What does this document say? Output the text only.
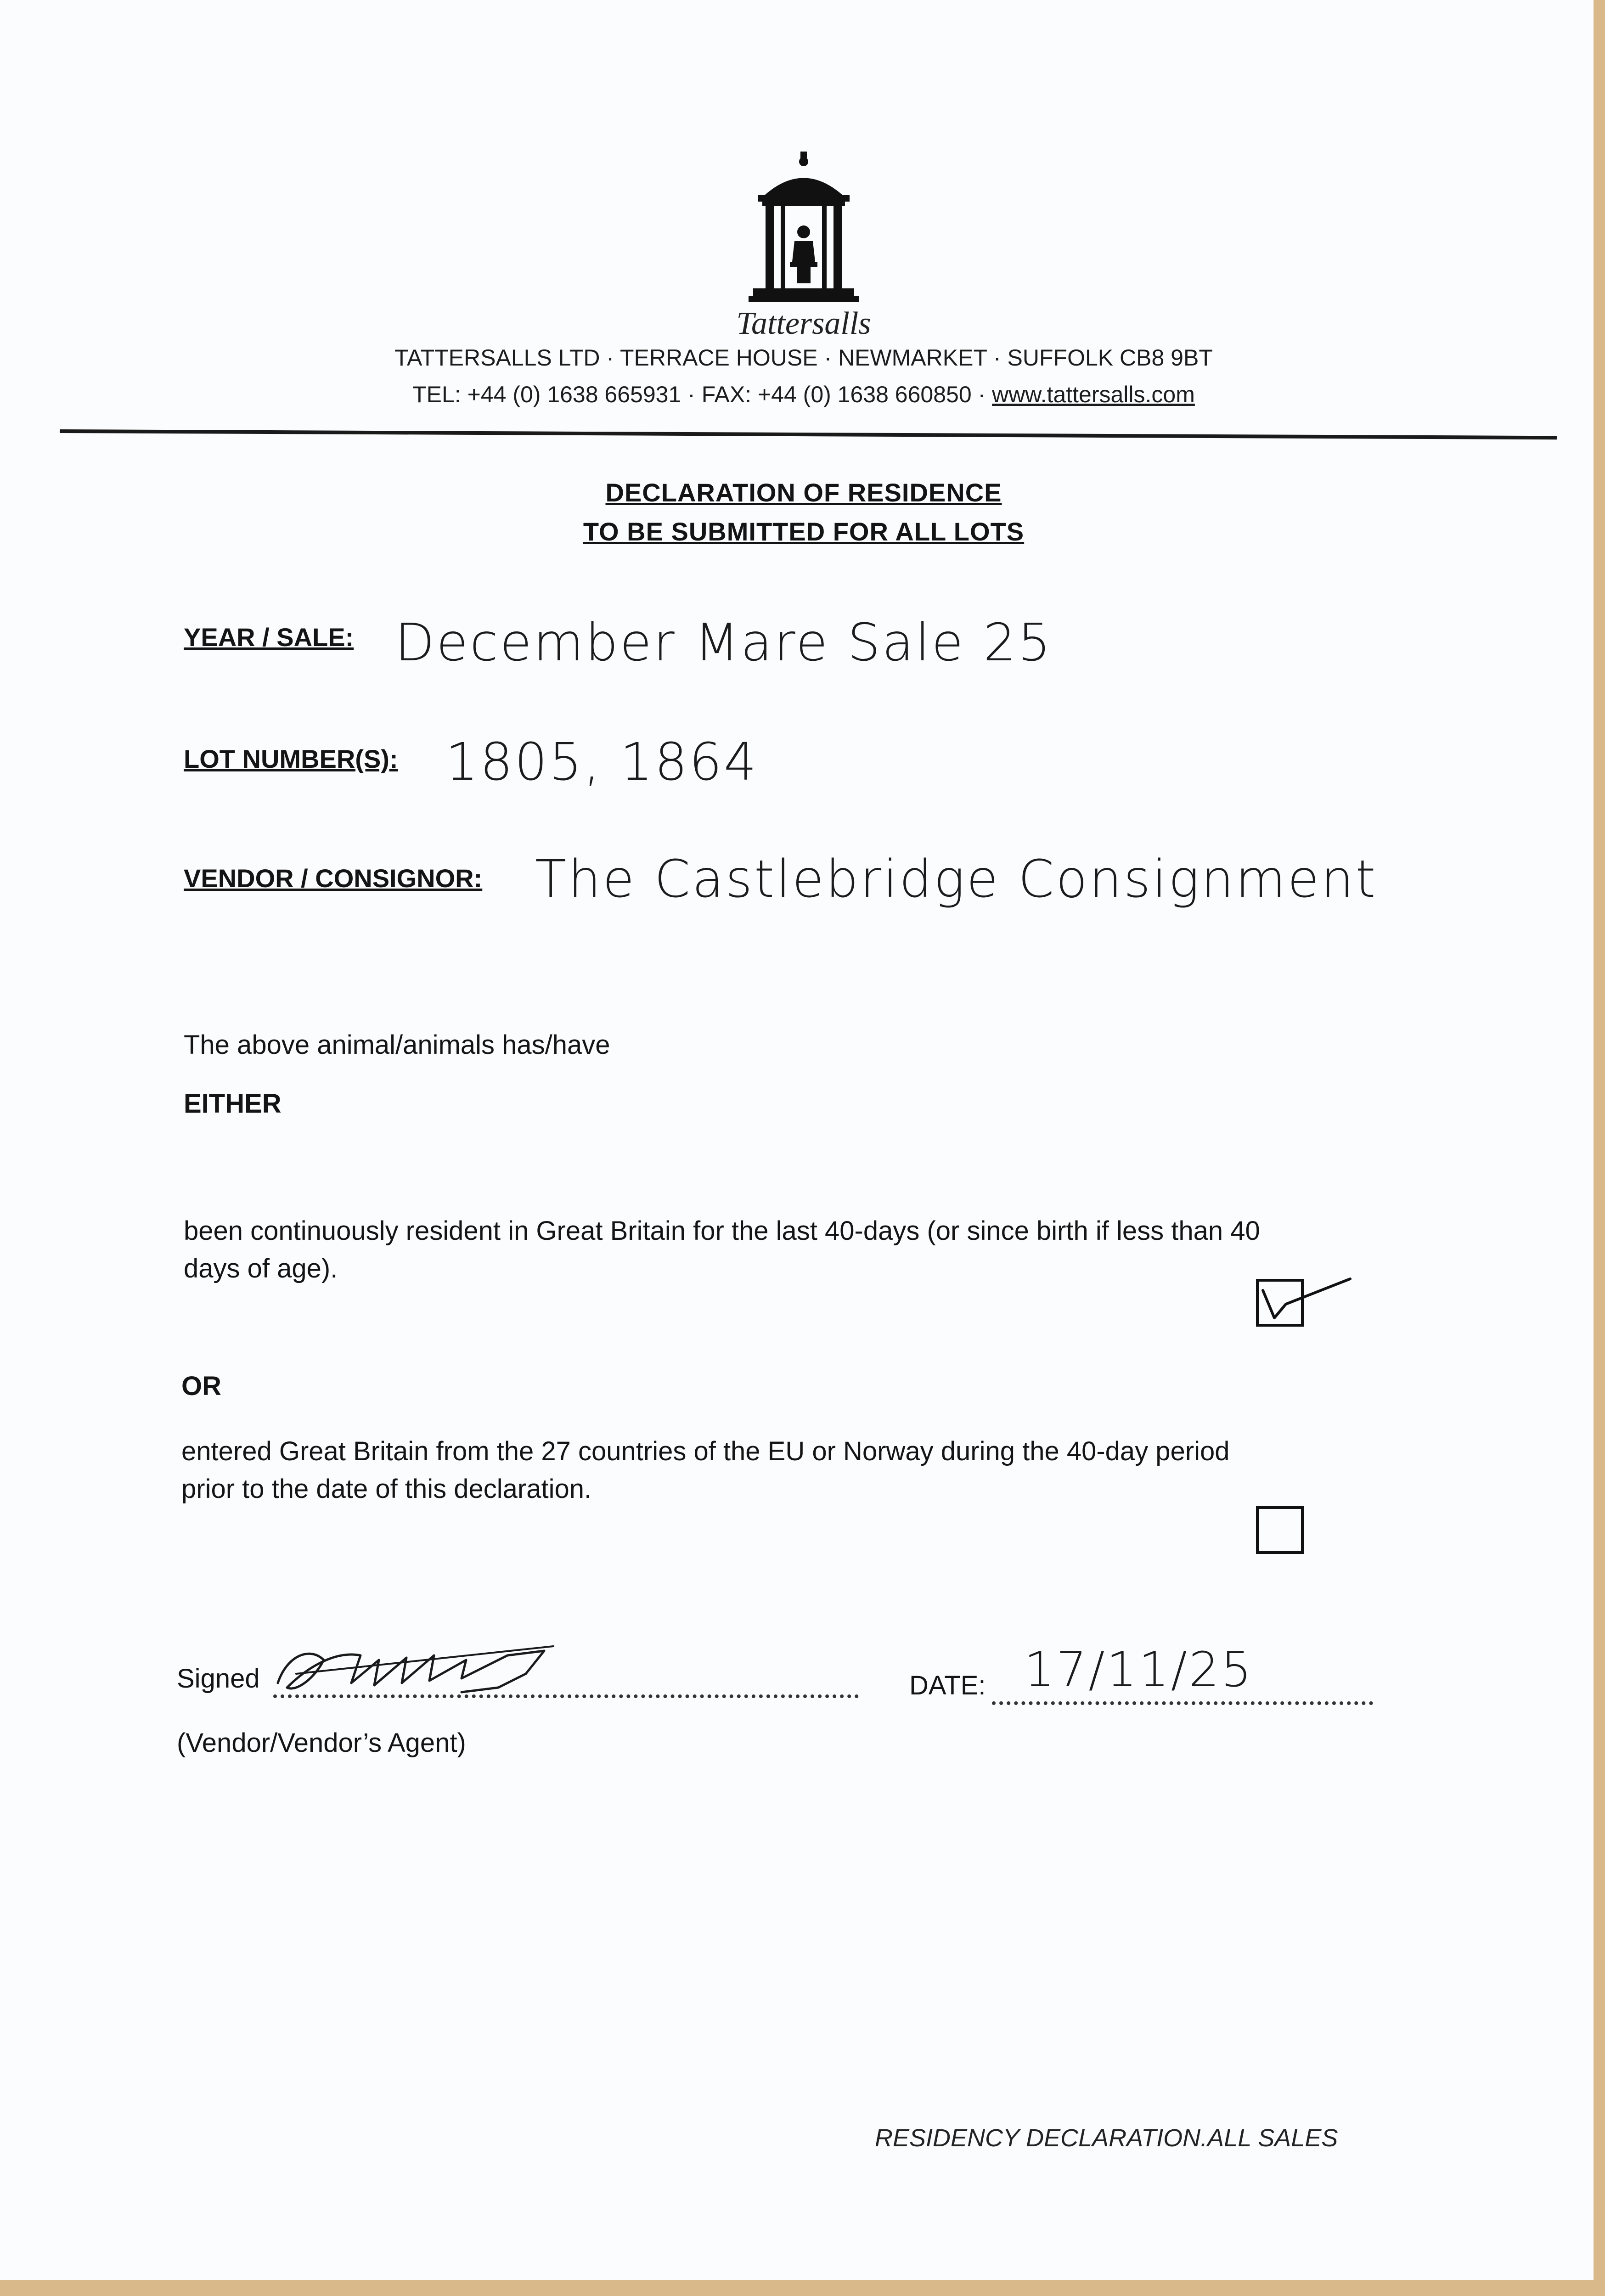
Tattersalls
TATTERSALLS LTD · TERRACE HOUSE · NEWMARKET · SUFFOLK CB8 9BT
TEL: +44 (0) 1638 665931 · FAX: +44 (0) 1638 660850 · www.tattersalls.com
DECLARATION OF RESIDENCE
TO BE SUBMITTED FOR ALL LOTS
YEAR / SALE: December Mare Sale 25
LOT NUMBER(S): 1805, 1864
VENDOR / CONSIGNOR: The Castlebridge Consignment
The above animal/animals has/have
EITHER
been continuously resident in Great Britain for the last 40-days (or since birth if less than 40
days of age).
OR
entered Great Britain from the 27 countries of the EU or Norway during the 40-day period
prior to the date of this declaration.
Signed	DATE: 17/11/25
(Vendor/Vendor’s Agent)
RESIDENCY DECLARATION.ALL SALES
